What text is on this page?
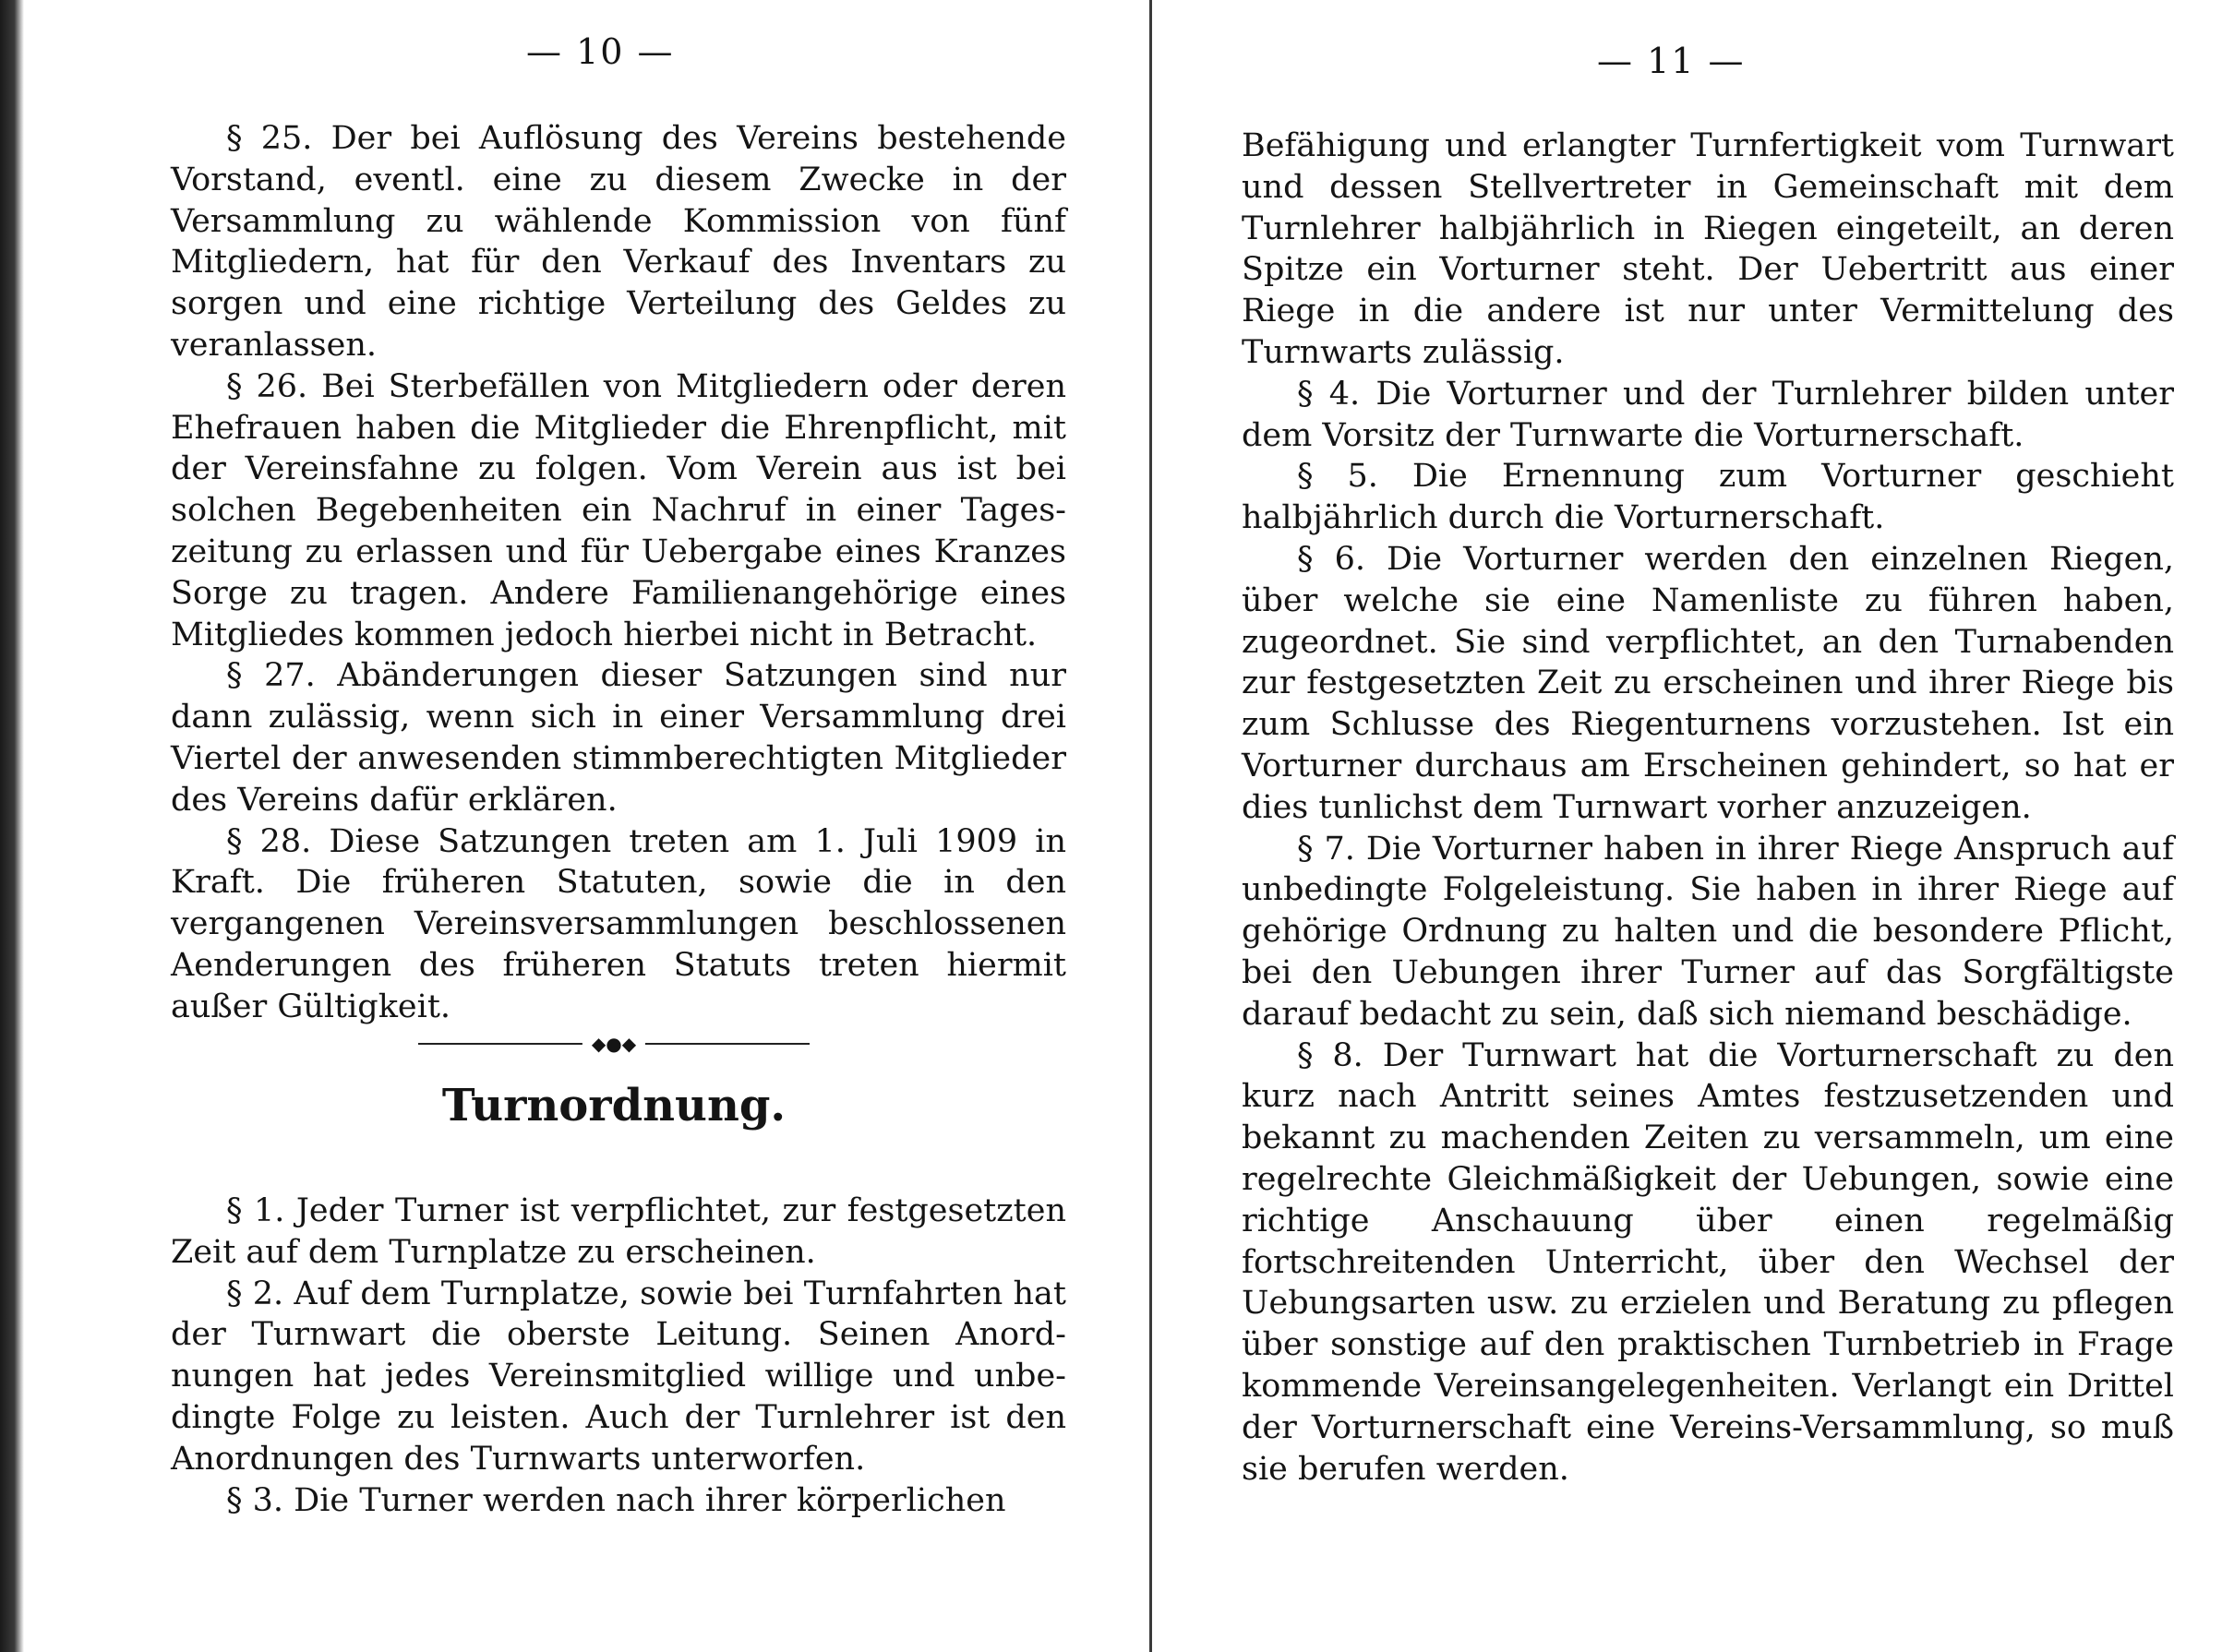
— 10 —

§ 25. Der bei Auflösung des Vereins bestehende Vorstand, eventl. eine zu diesem Zwecke in der Versammlung zu wählende Kommission von fünf Mitgliedern, hat für den Verkauf des Inventars zu sorgen und eine richtige Verteilung des Geldes zu veranlassen.

§ 26. Bei Sterbefällen von Mitgliedern oder deren Ehefrauen haben die Mitglieder die Ehrenpflicht, mit der Vereinsfahne zu folgen. Vom Verein aus ist bei solchen Begebenheiten ein Nachruf in einer Tageszeitung zu erlassen und für Uebergabe eines Kranzes Sorge zu tragen. Andere Familienangehörige eines Mitgliedes kommen jedoch hierbei nicht in Betracht.

§ 27. Abänderungen dieser Satzungen sind nur dann zulässig, wenn sich in einer Versammlung drei Viertel der anwesenden stimmberechtigten Mitglieder des Vereins dafür erklären.

§ 28. Diese Satzungen treten am 1. Juli 1909 in Kraft. Die früheren Statuten, sowie die in den vergangenen Vereinsversammlungen beschlossenen Aenderungen des früheren Statuts treten hiermit außer Gültigkeit.

◆●◆
Turnordnung.

§ 1. Jeder Turner ist verpflichtet, zur festgesetzten Zeit auf dem Turnplatze zu erscheinen.

§ 2. Auf dem Turnplatze, sowie bei Turnfahrten hat der Turnwart die oberste Leitung. Seinen Anordnungen hat jedes Vereinsmitglied willige und unbedingte Folge zu leisten. Auch der Turnlehrer ist den Anordnungen des Turnwarts unterworfen.

§ 3. Die Turner werden nach ihrer körperlichen

— 11 —

Befähigung und erlangter Turnfertigkeit vom Turnwart und dessen Stellvertreter in Gemeinschaft mit dem Turnlehrer halbjährlich in Riegen eingeteilt, an deren Spitze ein Vorturner steht. Der Uebertritt aus einer Riege in die andere ist nur unter Vermittelung des Turnwarts zulässig.

§ 4. Die Vorturner und der Turnlehrer bilden unter dem Vorsitz der Turnwarte die Vorturnerschaft.

§ 5. Die Ernennung zum Vorturner geschieht halbjährlich durch die Vorturnerschaft.

§ 6. Die Vorturner werden den einzelnen Riegen, über welche sie eine Namenliste zu führen haben, zugeordnet. Sie sind verpflichtet, an den Turnabenden zur festgesetzten Zeit zu erscheinen und ihrer Riege bis zum Schlusse des Riegenturnens vorzustehen. Ist ein Vorturner durchaus am Erscheinen gehindert, so hat er dies tunlichst dem Turnwart vorher anzuzeigen.

§ 7. Die Vorturner haben in ihrer Riege Anspruch auf unbedingte Folgeleistung. Sie haben in ihrer Riege auf gehörige Ordnung zu halten und die besondere Pflicht, bei den Uebungen ihrer Turner auf das Sorgfältigste darauf bedacht zu sein, daß sich niemand beschädige.

§ 8. Der Turnwart hat die Vorturnerschaft zu den kurz nach Antritt seines Amtes festzusetzenden und bekannt zu machenden Zeiten zu versammeln, um eine regelrechte Gleichmäßigkeit der Uebungen, sowie eine richtige Anschauung über einen regelmäßig fortschreitenden Unterricht, über den Wechsel der Uebungsarten usw. zu erzielen und Beratung zu pflegen über sonstige auf den praktischen Turnbetrieb in Frage kommende Vereinsangelegenheiten. Verlangt ein Drittel der Vorturnerschaft eine Vereins-Versammlung, so muß sie berufen werden.
